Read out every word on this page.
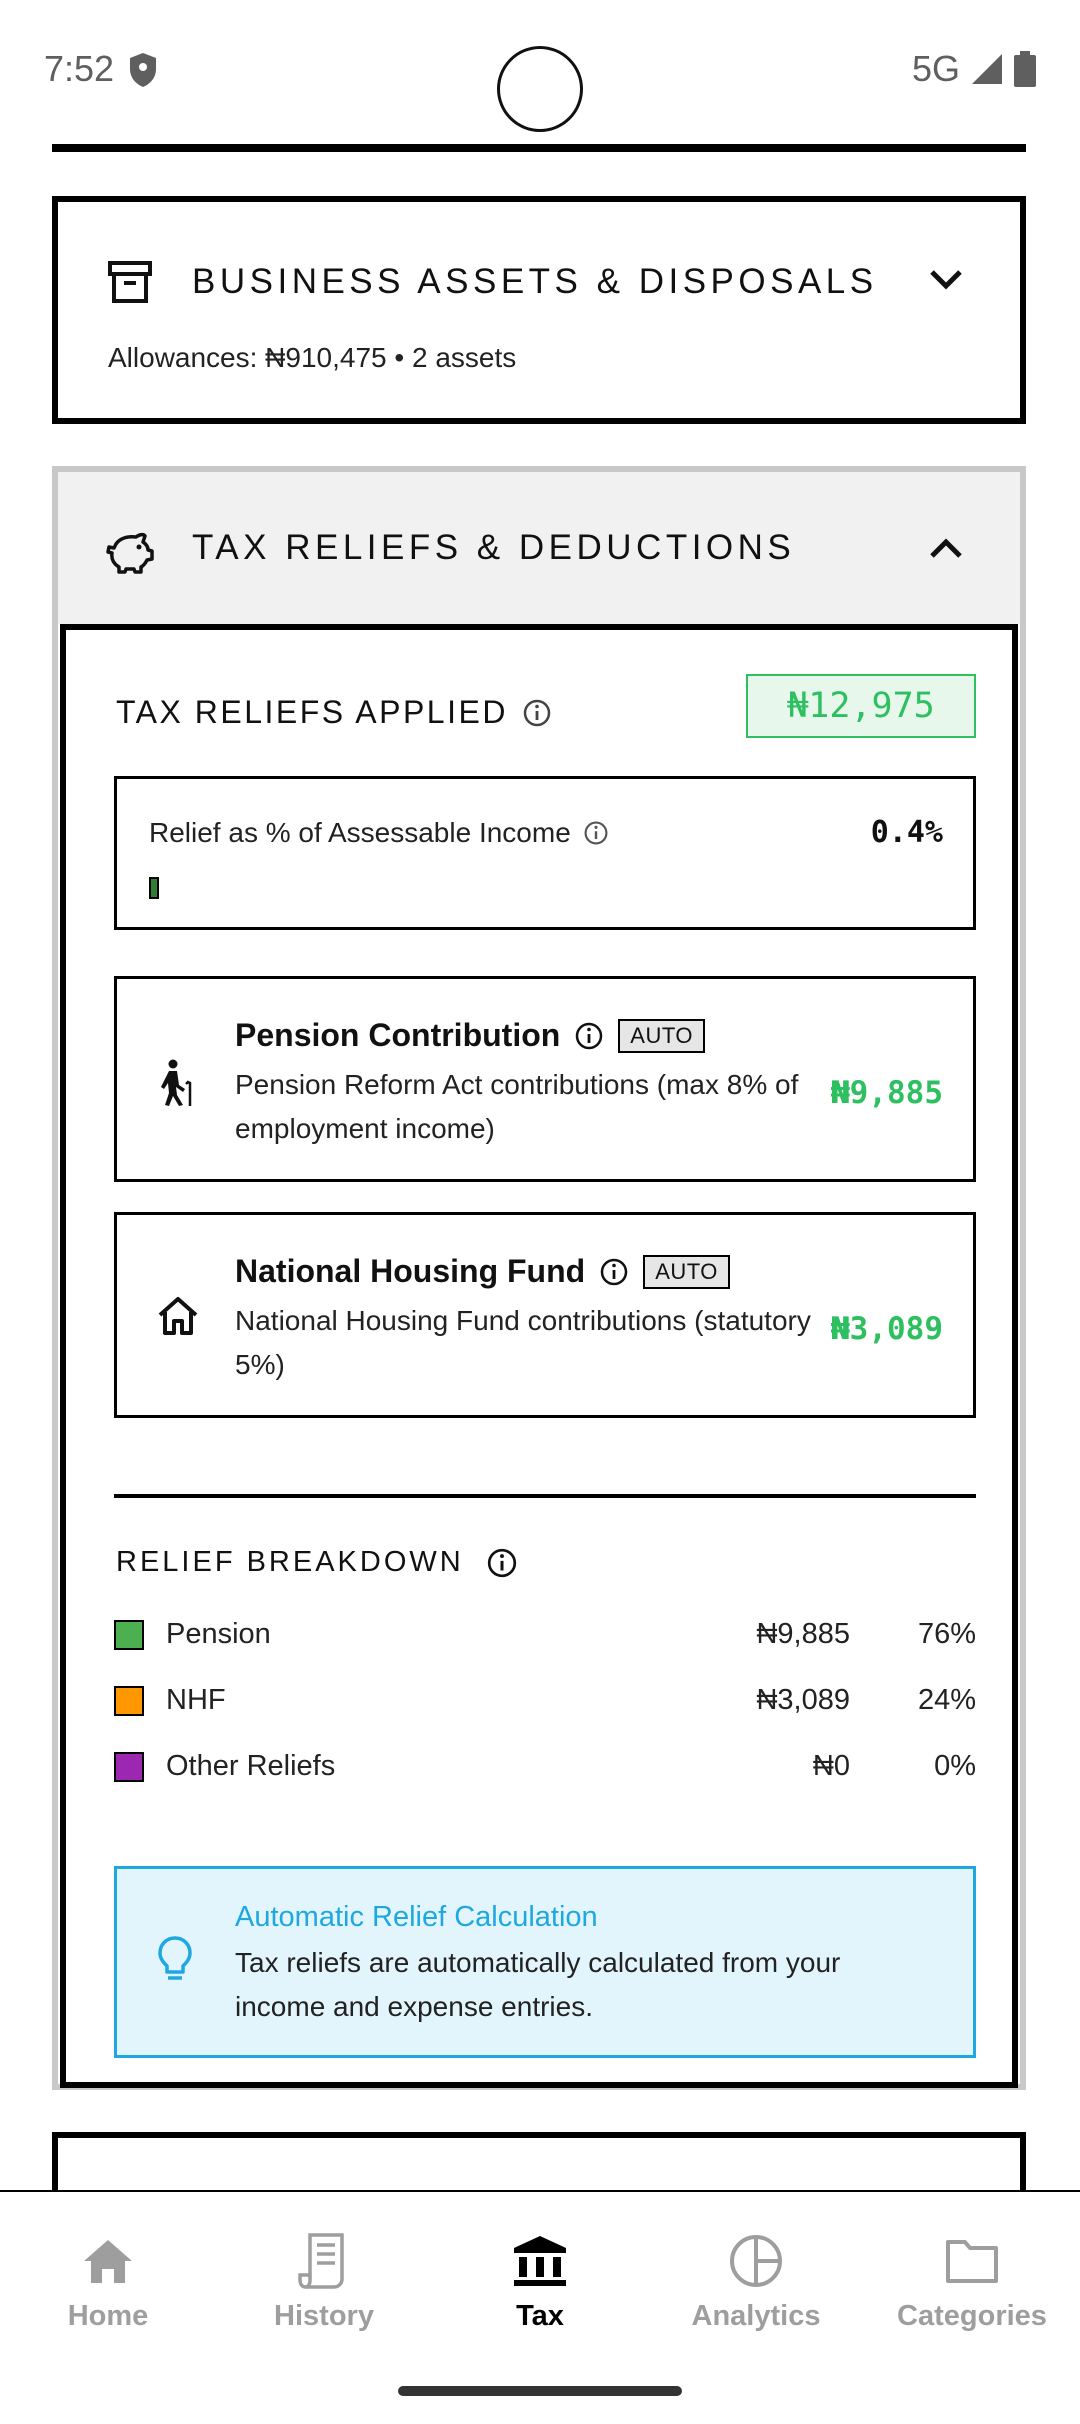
7:52	5G
BUSINESS ASSETS & DISPOSALS
Allowances: ₦910,475 • 2 assets
TAX RELIEFS & DEDUCTIONS
TAX RELIEFS APPLIED	₦12,975
Relief as % of Assessable Income	0.4%
Pension Contribution	AUTO
Pension Reform Act contributions (max 8% of employment income)
₦9,885
National Housing Fund	AUTO
National Housing Fund contributions (statutory 5%)
₦3,089
RELIEF BREAKDOWN
Pension	₦9,885 76%
NHF	₦3,089 24%
Other Reliefs	₦0	0%
Automatic Relief Calculation
Tax reliefs are automatically calculated from your income and expense entries.
Home	History	Tax	Analytics	Categories
